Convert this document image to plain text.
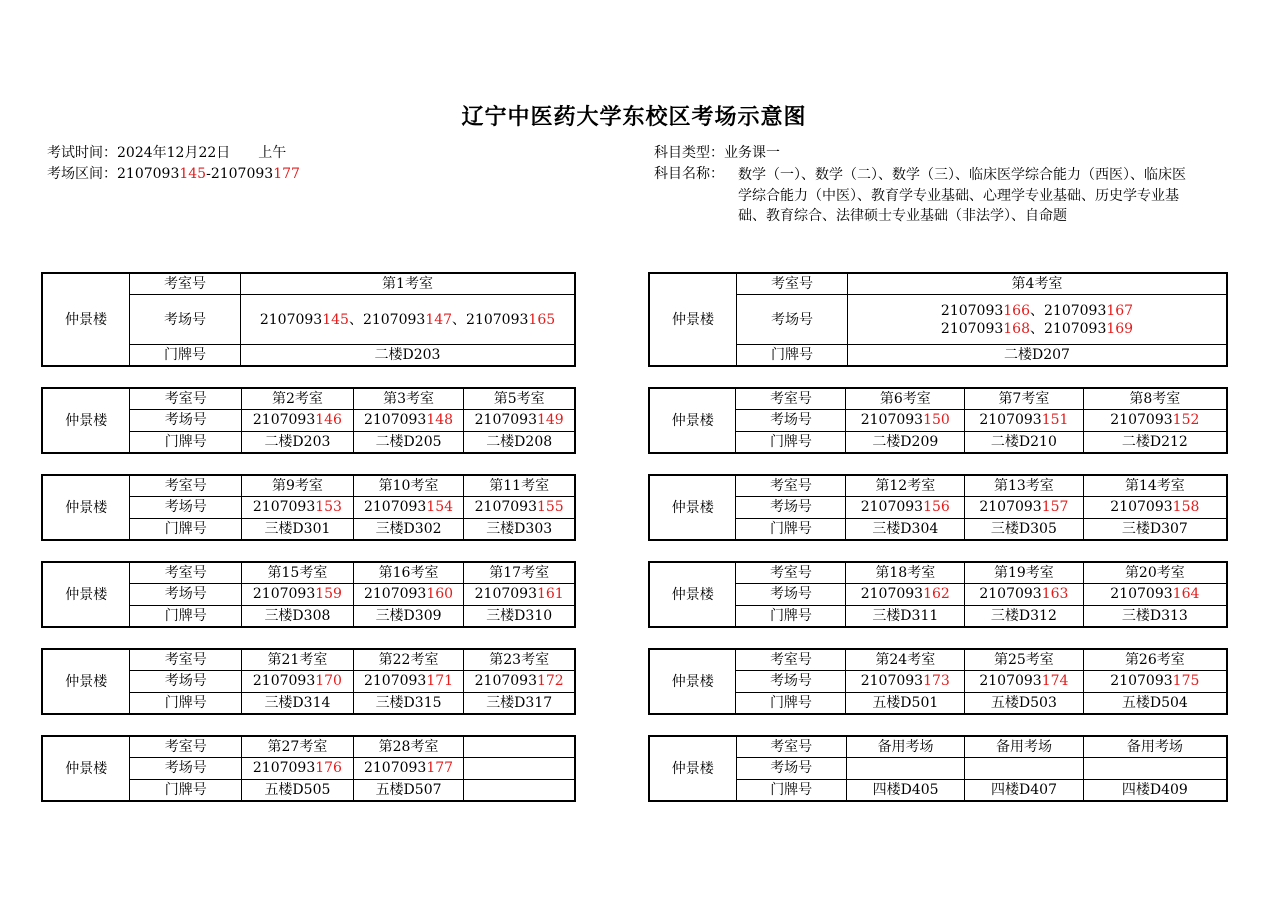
辽宁中医药大学东校区考场示意图
考试时间：2024年12月22日 上午
考场区间：2107093145-2107093177
科目类型：业务课一
科目名称： 数学（一）、数学（二）、数学（三）、临床医学综合能力（西医）、临床医学综合能力（中医）、教育学专业基础、心理学专业基础、历史学专业基础、教育综合、法律硕士专业基础（非法学）、自命题
仲景楼	考室号	第1考室
	考场号	2107093145、2107093147、2107093165
	门牌号	二楼D203
仲景楼	考室号	第4考室
	考场号	2107093166、2107093167
2107093168、2107093169

	门牌号	二楼D207
仲景楼	考室号	第2考室	第3考室	第5考室
	考场号	2107093146	2107093148	2107093149
	门牌号	二楼D203	二楼D205	二楼D208
仲景楼	考室号	第6考室	第7考室	第8考室
	考场号	2107093150	2107093151	2107093152
	门牌号	二楼D209	二楼D210	二楼D212
仲景楼	考室号	第9考室	第10考室	第11考室
	考场号	2107093153	2107093154	2107093155
	门牌号	三楼D301	三楼D302	三楼D303
仲景楼	考室号	第12考室	第13考室	第14考室
	考场号	2107093156	2107093157	2107093158
	门牌号	三楼D304	三楼D305	三楼D307
仲景楼	考室号	第15考室	第16考室	第17考室
	考场号	2107093159	2107093160	2107093161
	门牌号	三楼D308	三楼D309	三楼D310
仲景楼	考室号	第18考室	第19考室	第20考室
	考场号	2107093162	2107093163	2107093164
	门牌号	三楼D311	三楼D312	三楼D313
仲景楼	考室号	第21考室	第22考室	第23考室
	考场号	2107093170	2107093171	2107093172
	门牌号	三楼D314	三楼D315	三楼D317
仲景楼	考室号	第24考室	第25考室	第26考室
	考场号	2107093173	2107093174	2107093175
	门牌号	五楼D501	五楼D503	五楼D504
仲景楼	考室号	第27考室	第28考室	
	考场号	2107093176	2107093177	
	门牌号	五楼D505	五楼D507	
仲景楼	考室号	备用考场	备用考场	备用考场
	考场号			
	门牌号	四楼D405	四楼D407	四楼D409
